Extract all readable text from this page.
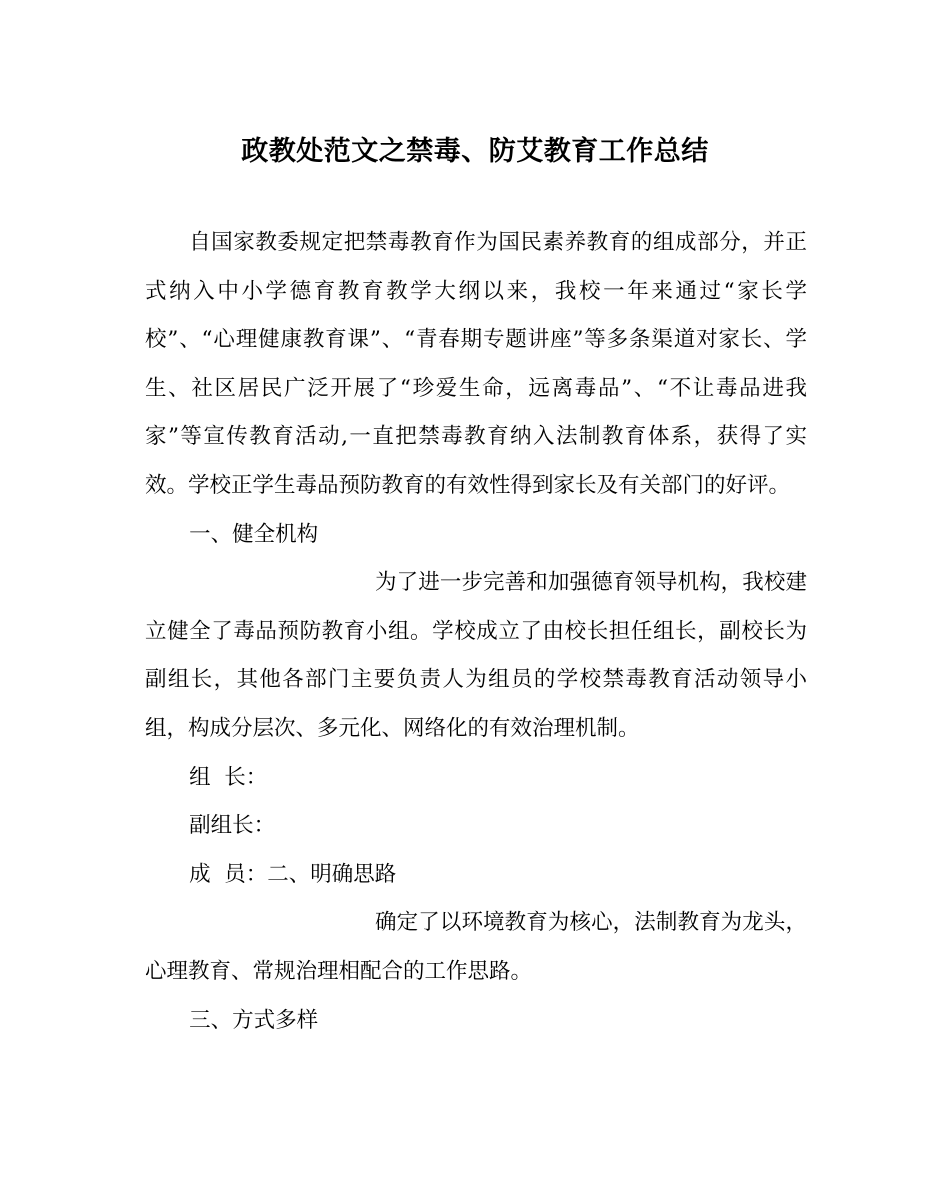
政教处范文之禁毒、防艾教育工作总结

自国家教委规定把禁毒教育作为国民素养教育的组成部分，并正式纳入中小学德育教育教学大纲以来，我校一年来通过“家长学校”、“心理健康教育课”、“青春期专题讲座”等多条渠道对家长、学生、社区居民广泛开展了“珍爱生命，远离毒品”、“不让毒品进我家”等宣传教育活动,一直把禁毒教育纳入法制教育体系，获得了实效。学校正学生毒品预防教育的有效性得到家长及有关部门的好评。

一、健全机构

为了进一步完善和加强德育领导机构，我校建立健全了毒品预防教育小组。学校成立了由校长担任组长，副校长为副组长，其他各部门主要负责人为组员的学校禁毒教育活动领导小组，构成分层次、多元化、网络化的有效治理机制。

组  长：

副组长：

成  员：二、明确思路

确定了以环境教育为核心，法制教育为龙头，心理教育、常规治理相配合的工作思路。

三、方式多样
